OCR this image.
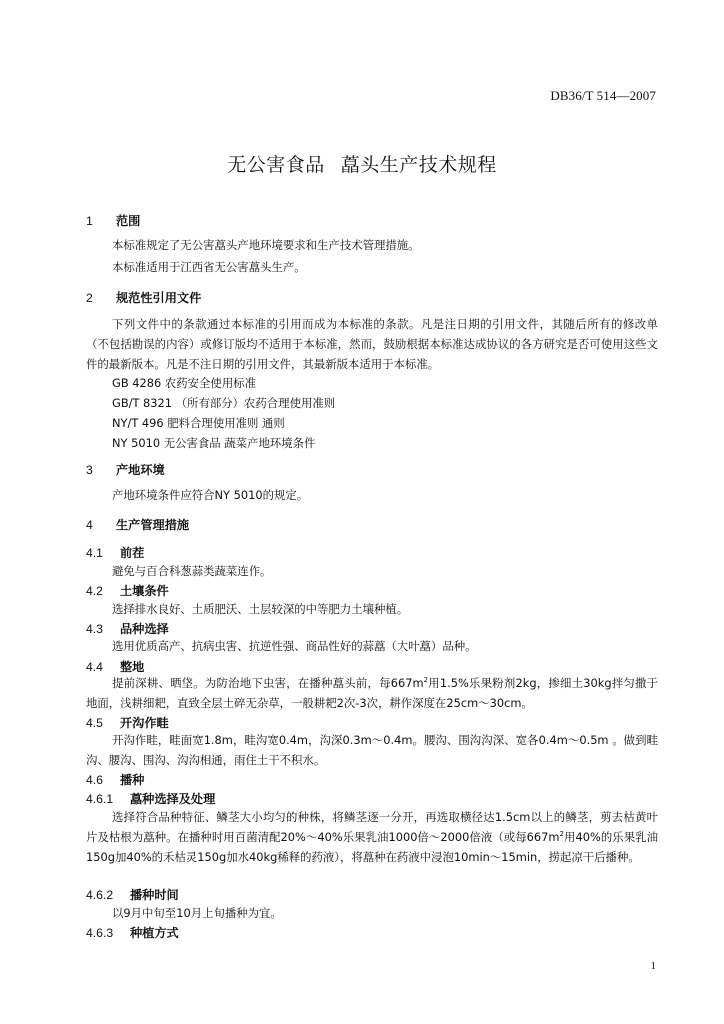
DB36/T 514—2007
无公害食品 藠头生产技术规程
1 范围
本标准规定了无公害藠头产地环境要求和生产技术管理措施。
本标准适用于江西省无公害藠头生产。
2 规范性引用文件
下列文件中的条款通过本标准的引用而成为本标准的条款。凡是注日期的引用文件，其随后所有的修改单（不包括勘误的内容）或修订版均不适用于本标准，然而，鼓励根据本标准达成协议的各方研究是否可使用这些文件的最新版本。凡是不注日期的引用文件，其最新版本适用于本标准。
GB 4286 农药安全使用标准
GB/T 8321 （所有部分）农药合理使用准则
NY/T 496 肥料合理使用准则 通则
NY 5010 无公害食品 蔬菜产地环境条件
3 产地环境
产地环境条件应符合NY 5010的规定。
4 生产管理措施
4.1 前茬
避免与百合科葱蒜类蔬菜连作。
4.2 土壤条件
选择排水良好、土质肥沃、土层较深的中等肥力土壤种植。
4.3 品种选择
选用优质高产、抗病虫害、抗逆性强、商品性好的蒜藠（大叶藠）品种。
4.4 整地
提前深耕、晒垡。为防治地下虫害，在播种藠头前，每$667m^2$用1.5%乐果粉剂2kg，掺细土30kg拌匀撒于地面，浅耕细耙，直致全层土碎无杂草，一般耕耙2次-3次，耕作深度在25cm～30cm。
4.5 开沟作畦
开沟作畦，畦面宽1.8m，畦沟宽0.4m，沟深0.3m～0.4m。腰沟、围沟沟深、宽各0.4m～0.5m 。做到畦沟、腰沟、围沟、沟沟相通，雨住土干不积水。
4.6 播种
4.6.1 藠种选择及处理
选择符合品种特征、鳞茎大小均匀的种株，将鳞茎逐一分开，再选取横径达1.5cm以上的鳞茎，剪去枯黄叶片及枯根为藠种。在播种时用百菌清配20%～40%乐果乳油1000倍～2000倍液（或每$667m^2$用40%的乐果乳油150g加40%的禾枯灵150g加水40kg稀释的药液），将藠种在药液中浸泡10min～15min，捞起凉干后播种。
4.6.2 播种时间
以9月中旬至10月上旬播种为宜。
4.6.3 种植方式
1
